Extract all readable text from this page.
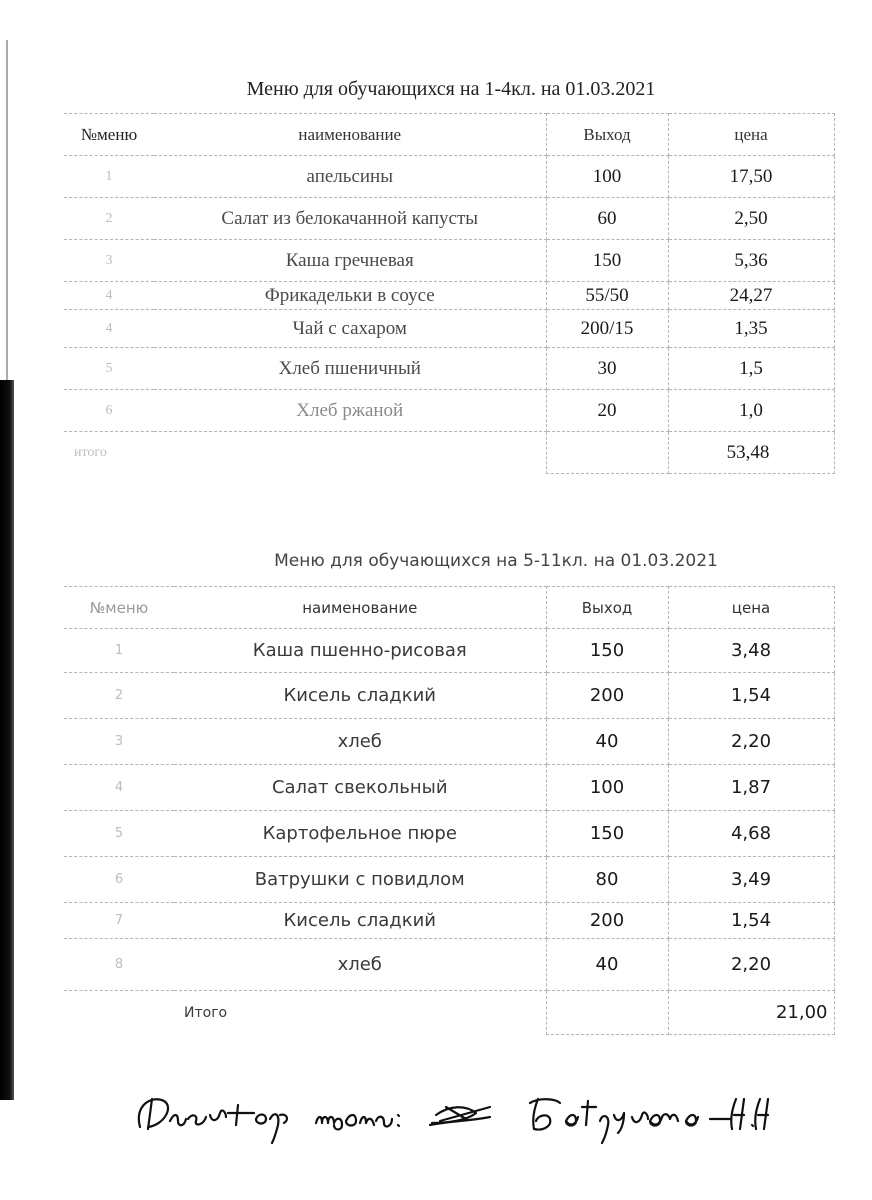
Меню для обучающихся на 1-4кл. на 01.03.2021
№меню	наименование	Выход	цена
1	апельсины	100	17,50
2	Салат из белокачанной капусты	60	2,50
3	Каша гречневая	150	5,36
4	Фрикадельки в соусе	55/50	24,27
4	Чай с сахаром	200/15	1,35
5	Хлеб пшеничный	30	1,5
6	Хлеб ржаной	20	1,0
итого			53,48
Меню для обучающихся на 5-11кл. на 01.03.2021
№меню	наименование	Выход	цена
1	Каша пшенно-рисовая	150	3,48
2	Кисель сладкий	200	1,54
3	хлеб	40	2,20
4	Салат свекольный	100	1,87
5	Картофельное пюре	150	4,68
6	Ватрушки с повидлом	80	3,49
7	Кисель сладкий	200	1,54
8	хлеб	40	2,20
	Итого		21,00
